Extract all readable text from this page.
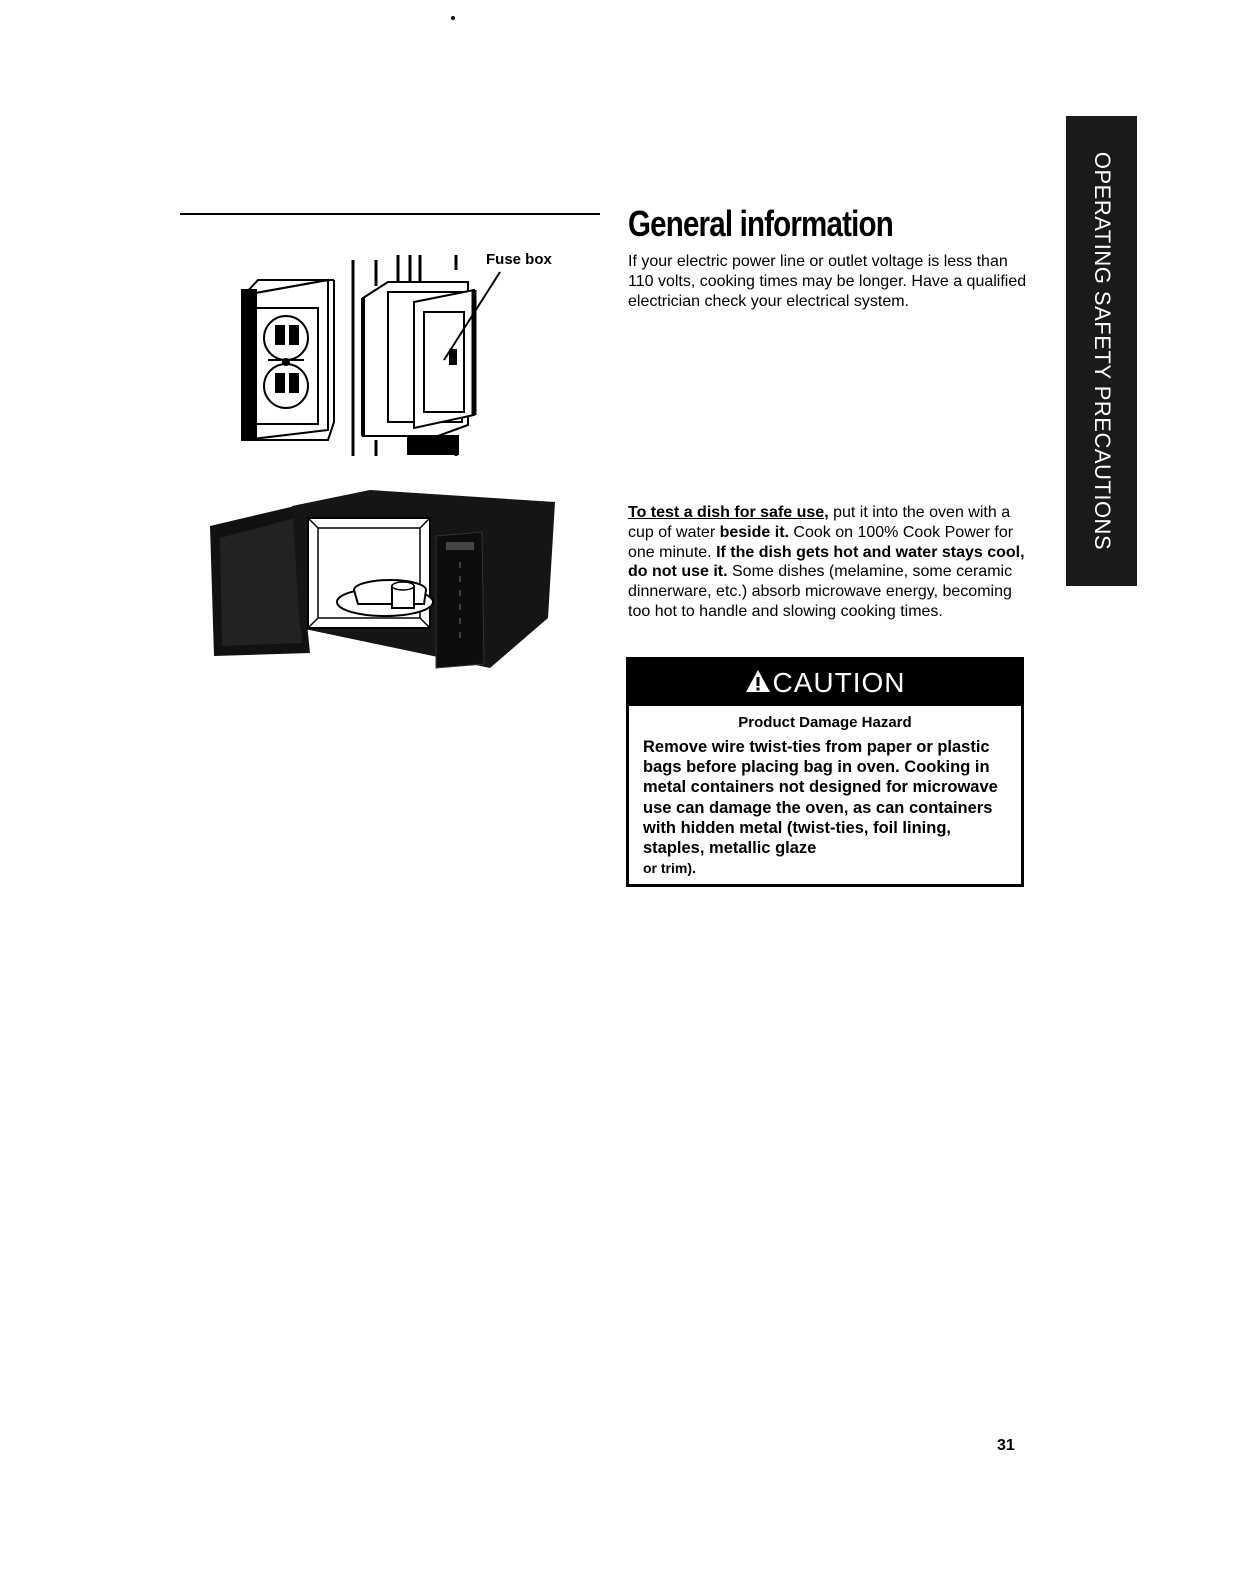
Fuse box
General information
If your electric power line or outlet voltage is less than 110 volts, cooking times may be longer. Have a qualified electrician check your electrical system.
To test a dish for safe use, put it into the oven with a cup of water beside it. Cook on 100% Cook Power for one minute. If the dish gets hot and water stays cool, do not use it. Some dishes (melamine, some ceramic dinnerware, etc.) absorb microwave energy, becoming too hot to handle and slowing cooking times.
CAUTION
Product Damage Hazard
Remove wire twist-ties from paper or plastic bags before placing bag in oven. Cooking in metal containers not designed for microwave use can damage the oven, as can containers with hidden metal (twist-ties, foil lining, staples, metallic glaze
or trim).
OPERATING SAFETY PRECAUTIONS
31
